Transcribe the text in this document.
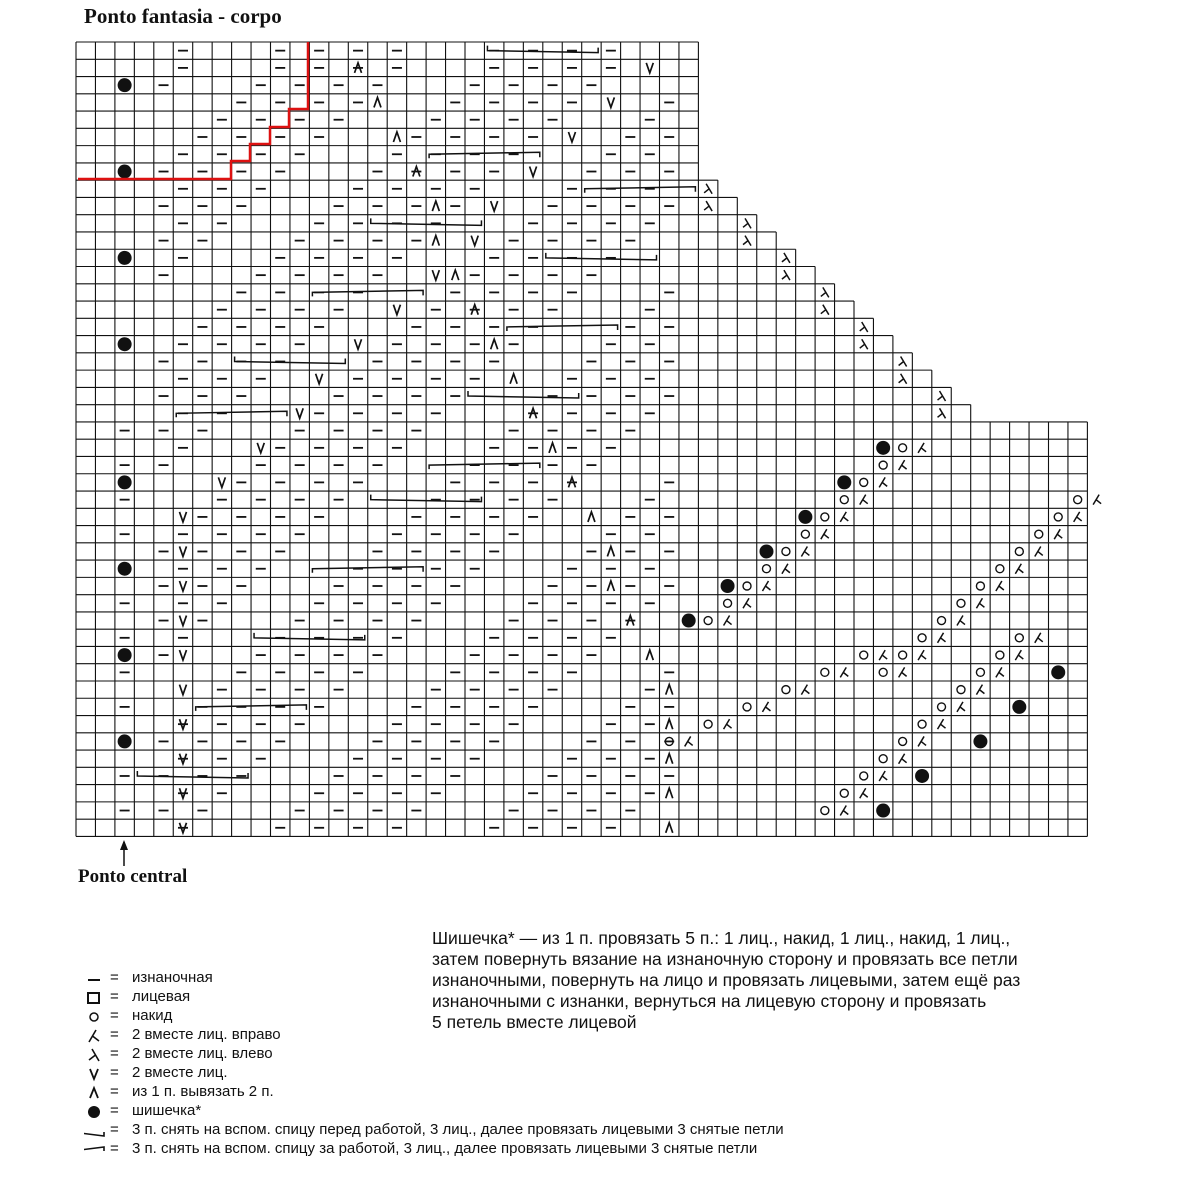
Ponto fantasia - corpo
Ponto central
Шишечка* — из 1 п. провязать 5 п.: 1 лиц., накид, 1 лиц., накид, 1 лиц.,
затем повернуть вязание на изнаночную сторону и провязать все петли
изнаночными, повернуть на лицо и провязать лицевыми, затем ещё раз
изнаночными с изнанки, вернуться на лицевую сторону и провязать
5 петель вместе лицевой
= изнаночная
= лицевая
= накид
= 2 вместе лиц. вправо
= 2 вместе лиц. влево
= 2 вместе лиц.
= из 1 п. вывязать 2 п.
= шишечка*
= 3 п. снять на вспом. спицу перед работой, 3 лиц., далее провязать лицевыми 3 снятые петли
= 3 п. снять на вспом. спицу за работой, 3 лиц., далее провязать лицевыми 3 снятые петли
